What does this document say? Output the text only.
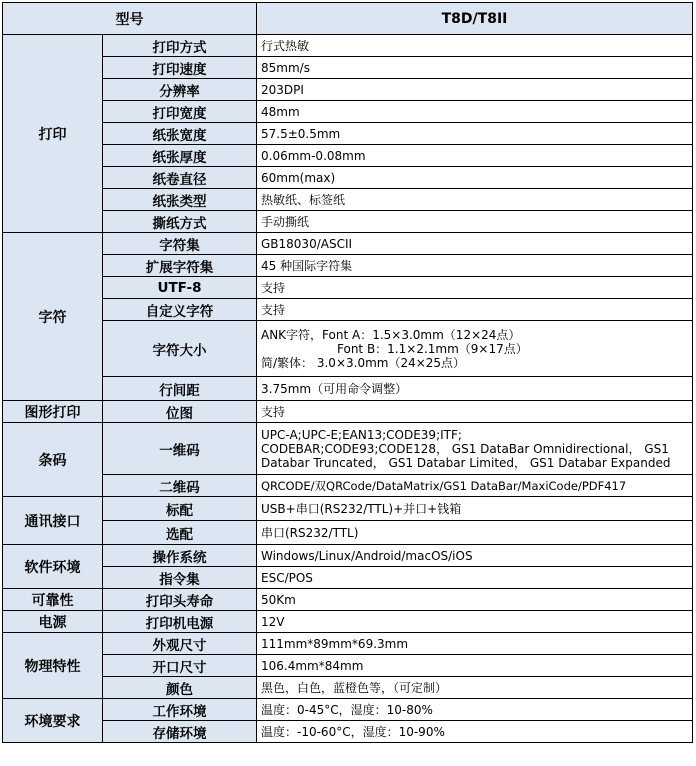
型号		T8D/T8II
打印	打印方式	行式热敏
	打印速度	85mm/s
	分辨率	203DPI
	打印宽度	48mm
	纸张宽度	57.5±0.5mm
	纸张厚度	0.06mm-0.08mm
	纸卷直径	60mm(max)
	纸张类型	热敏纸、标签纸
	撕纸方式	手动撕纸
字符	字符集	GB18030/ASCII
	扩展字符集	45 种国际字符集
	UTF-8	支持
	自定义字符	支持
	字符大小	ANK字符，Font A：1.5×3.0mm（12×24点）
Font B：1.1×2.1mm（9×17点）
简/繁体： 3.0×3.0mm（24×25点）

	行间距	3.75mm（可用命令调整）
图形打印	位图	支持
条码	一维码	UPC-A;UPC-E;EAN13;CODE39;ITF;
CODEBAR;CODE93;CODE128， GS1 DataBar Omnidirectional， GS1
Databar Truncated， GS1 Databar Limited， GS1 Databar Expanded

	二维码	QRCODE/双QRCode/DataMatrix/GS1 DataBar/MaxiCode/PDF417
通讯接口	标配	USB+串口(RS232/TTL)+并口+钱箱
	选配	串口(RS232/TTL)
软件环境	操作系统	Windows/Linux/Android/macOS/iOS
	指令集	ESC/POS
可靠性	打印头寿命	50Km
电源	打印机电源	12V
物理特性	外观尺寸	111mm*89mm*69.3mm
	开口尺寸	106.4mm*84mm
	颜色	黑色，白色，蓝橙色等，（可定制）
环境要求	工作环境	温度：0-45°C，湿度：10-80%
	存储环境	温度：-10-60°C，湿度：10-90%
